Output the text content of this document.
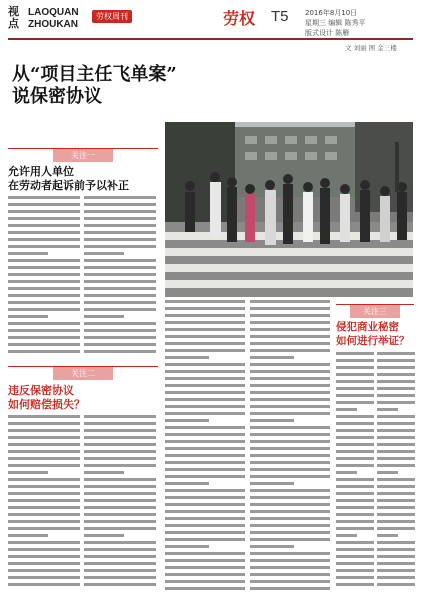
视点
LAOQUAN
ZHOUKAN
劳权周刊	劳权 T5 2016年8月10日
星期三 编辑 陈秀平
版式设计 陈雁
文 刘丽 图 金三楼
从“项目主任飞单案”
说保密协议
关注一
允许用人单位
在劳动者起诉前予以补正
关注二
违反保密协议
如何赔偿损失？
关注三
侵犯商业秘密
如何进行举证？
